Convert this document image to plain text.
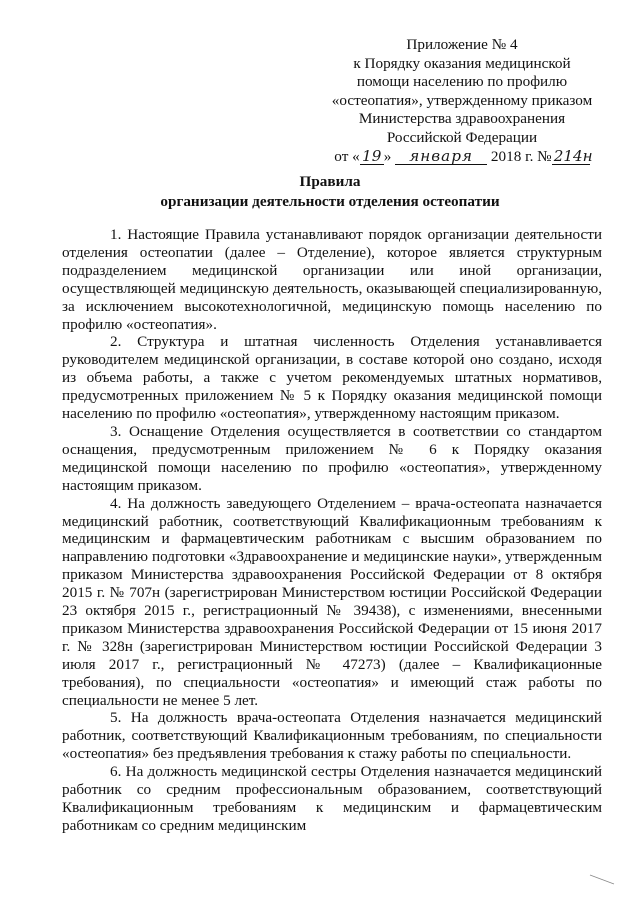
Приложение № 4
к Порядку оказания медицинской
помощи населению по профилю
«остеопатия», утвержденному приказом
Министерства здравоохранения
Российской Федерации
от « 19 » января 2018 г. № 214н
Правила
организации деятельности отделения остеопатии

1. Настоящие Правила устанавливают порядок организации деятельности отделения остеопатии (далее – Отделение), которое является структурным подразделением медицинской организации или иной организации, осуществляющей медицинскую деятельность, оказывающей специализированную, за исключением высокотехнологичной, медицинскую помощь населению по профилю «остеопатия».

2. Структура и штатная численность Отделения устанавливается руководителем медицинской организации, в составе которой оно создано, исходя из объема работы, а также с учетом рекомендуемых штатных нормативов, предусмотренных приложением № 5 к Порядку оказания медицинской помощи населению по профилю «остеопатия», утвержденному настоящим приказом.

3. Оснащение Отделения осуществляется в соответствии со стандартом оснащения, предусмотренным приложением № 6 к Порядку оказания медицинской помощи населению по профилю «остеопатия», утвержденному настоящим приказом.

4. На должность заведующего Отделением – врача-остеопата назначается медицинский работник, соответствующий Квалификационным требованиям к медицинским и фармацевтическим работникам с высшим образованием по направлению подготовки «Здравоохранение и медицинские науки», утвержденным приказом Министерства здравоохранения Российской Федерации от 8 октября 2015 г. № 707н (зарегистрирован Министерством юстиции Российской Федерации 23 октября 2015 г., регистрационный № 39438), с изменениями, внесенными приказом Министерства здравоохранения Российской Федерации от 15 июня 2017 г. № 328н (зарегистрирован Министерством юстиции Российской Федерации 3 июля 2017 г., регистрационный № 47273) (далее – Квалификационные требования), по специальности «остеопатия» и имеющий стаж работы по специальности не менее 5 лет.

5. На должность врача-остеопата Отделения назначается медицинский работник, соответствующий Квалификационным требованиям, по специальности «остеопатия» без предъявления требования к стажу работы по специальности.

6. На должность медицинской сестры Отделения назначается медицинский работник со средним профессиональным образованием, соответствующий Квалификационным требованиям к медицинским и фармацевтическим работникам со средним медицинским
